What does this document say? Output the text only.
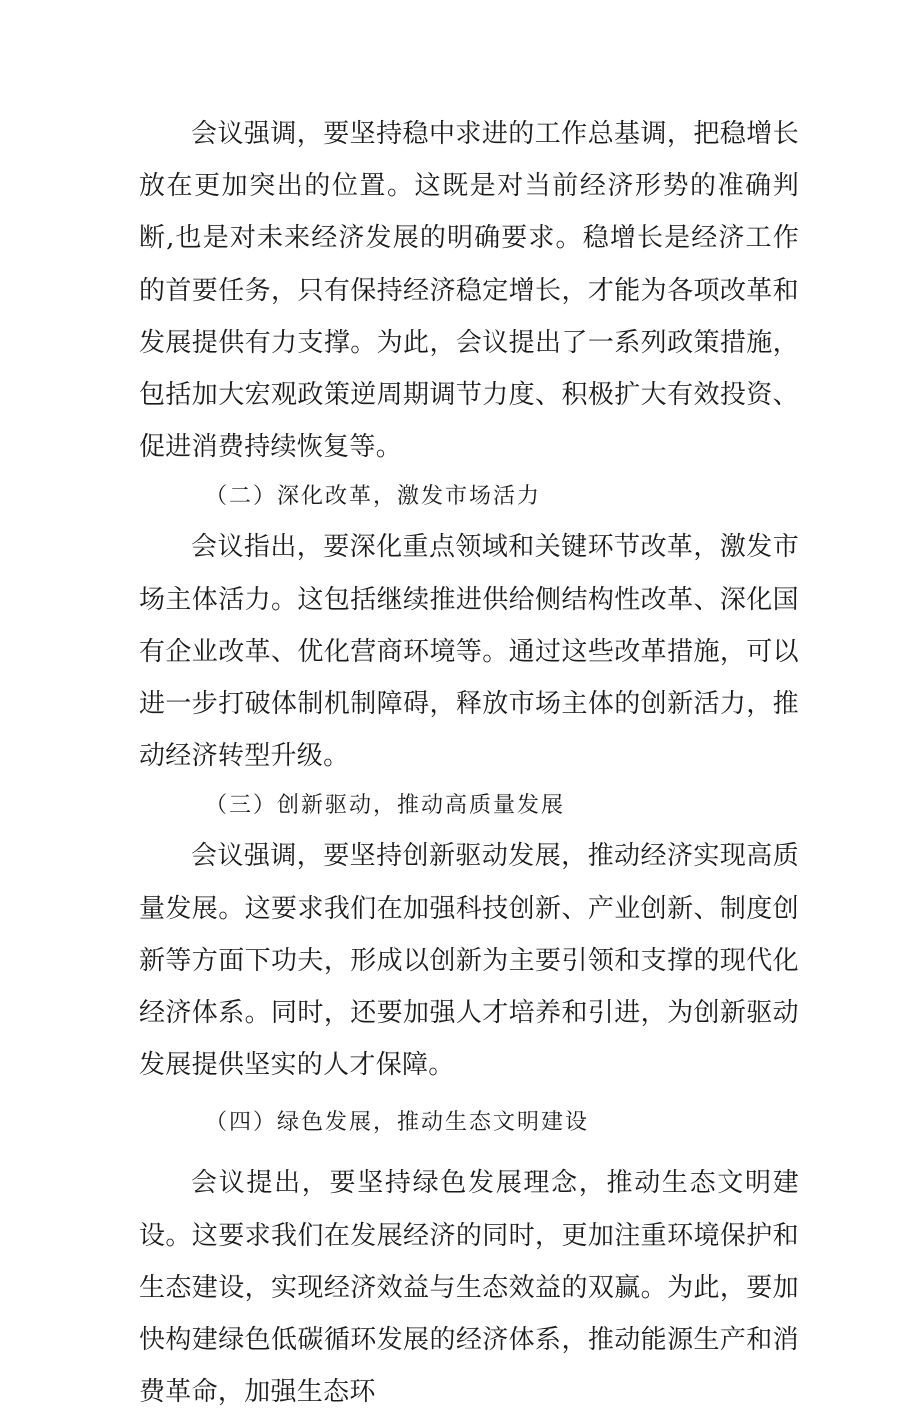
会议强调，要坚持稳中求进的工作总基调，把稳增长放在更加突出的位置。这既是对当前经济形势的准确判断,也是对未来经济发展的明确要求。稳增长是经济工作的首要任务，只有保持经济稳定增长，才能为各项改革和发展提供有力支撑。为此，会议提出了一系列政策措施，包括加大宏观政策逆周期调节力度、积极扩大有效投资、促进消费持续恢复等。

（二）深化改革，激发市场活力

会议指出，要深化重点领域和关键环节改革，激发市场主体活力。这包括继续推进供给侧结构性改革、深化国有企业改革、优化营商环境等。通过这些改革措施，可以进一步打破体制机制障碍，释放市场主体的创新活力，推动经济转型升级。

（三）创新驱动，推动高质量发展

会议强调，要坚持创新驱动发展，推动经济实现高质量发展。这要求我们在加强科技创新、产业创新、制度创新等方面下功夫，形成以创新为主要引领和支撑的现代化经济体系。同时，还要加强人才培养和引进，为创新驱动发展提供坚实的人才保障。

（四）绿色发展，推动生态文明建设

会议提出，要坚持绿色发展理念，推动生态文明建设。这要求我们在发展经济的同时，更加注重环境保护和生态建设，实现经济效益与生态效益的双赢。为此，要加快构建绿色低碳循环发展的经济体系，推动能源生产和消费革命，加强生态环
